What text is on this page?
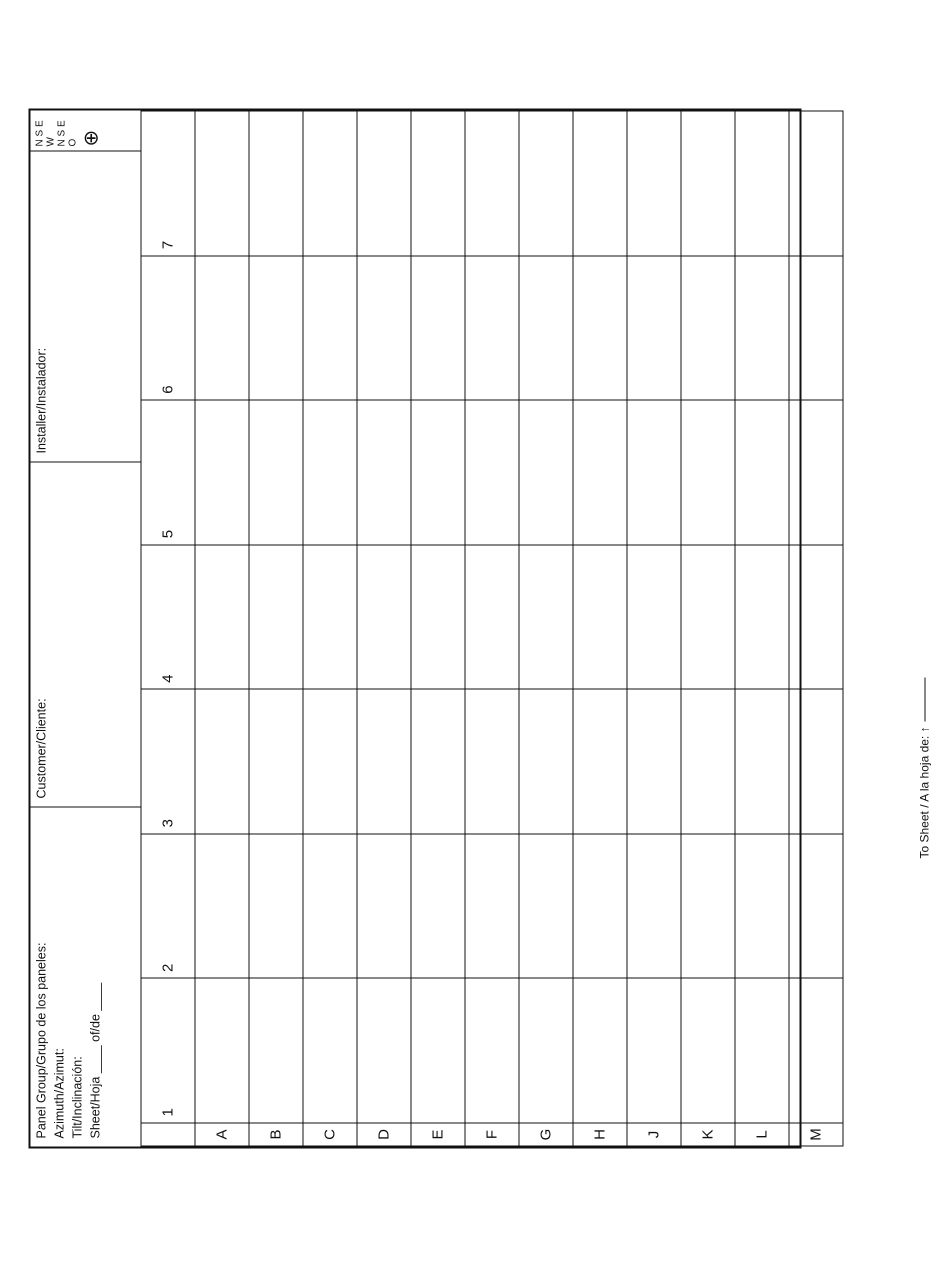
To Sheet / A la hoja de: ↑
Panel Group/Grupo de los paneles: Azimuth/Azimut: Tilt/Inclinación: Sheet/Hoja ____ of/de ____
Customer/Cliente:
Installer/Instalador:
N S E W N S E O ⊕
	1	2	3	4	5	6	7
A							
B							
C							
D							
E							
F							
G							
H							
J							
K							
L							
M							
